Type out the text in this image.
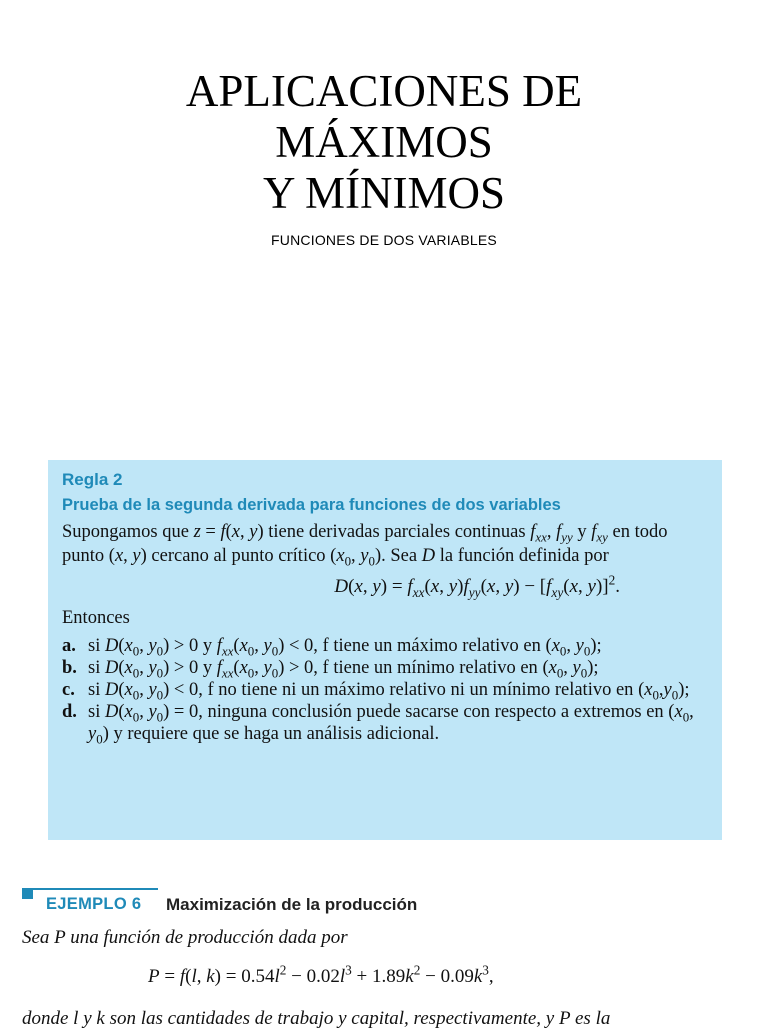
APLICACIONES DE
MÁXIMOS
Y MÍNIMOS
FUNCIONES DE DOS VARIABLES
Regla 2
Prueba de la segunda derivada para funciones de dos variables

Supongamos que z = f(x, y) tiene derivadas parciales continuas $f_{xx}$, $f_{yy}$ y $f_{xy}$ en todo punto (x, y) cercano al punto crítico ($x_0$, $y_0$). Sea D la función definida por

D(x, $y) = f_{xx}(x$, $y)f_{yy}(x$, $y) - [f_{xy}(x$, y)]$^2$.
Entonces
a. si $D(x_0$, $y_0) > 0$ y $f_{xx}(x_0$, $y_0) < 0$, f tiene un máximo relativo en ($x_0$, $y_0$);
b. si $D(x_0$, $y_0) > 0$ y $f_{xx}(x_0$, $y_0) > 0$, f tiene un mínimo relativo en ($x_0$, $y_0$);
c. si $D(x_0$, $y_0) < 0$, f no tiene ni un máximo relativo ni un mínimo relativo en $(x_0,y_0)$;
d. si $D(x_0$, $y_0) = 0$, ninguna conclusión puede sacarse con respecto a extremos en ($x_0$, $y_0$) y requiere que se haga un análisis adicional.
EJEMPLO 6 Maximización de la producción
Sea P una función de producción dada por
P = f(l, $k) = 0.54l^2 - 0.02l^3 + 1.89k^2 - 0.09k^3$,
donde l y k son las cantidades de trabajo y capital, respectivamente, y P es la
